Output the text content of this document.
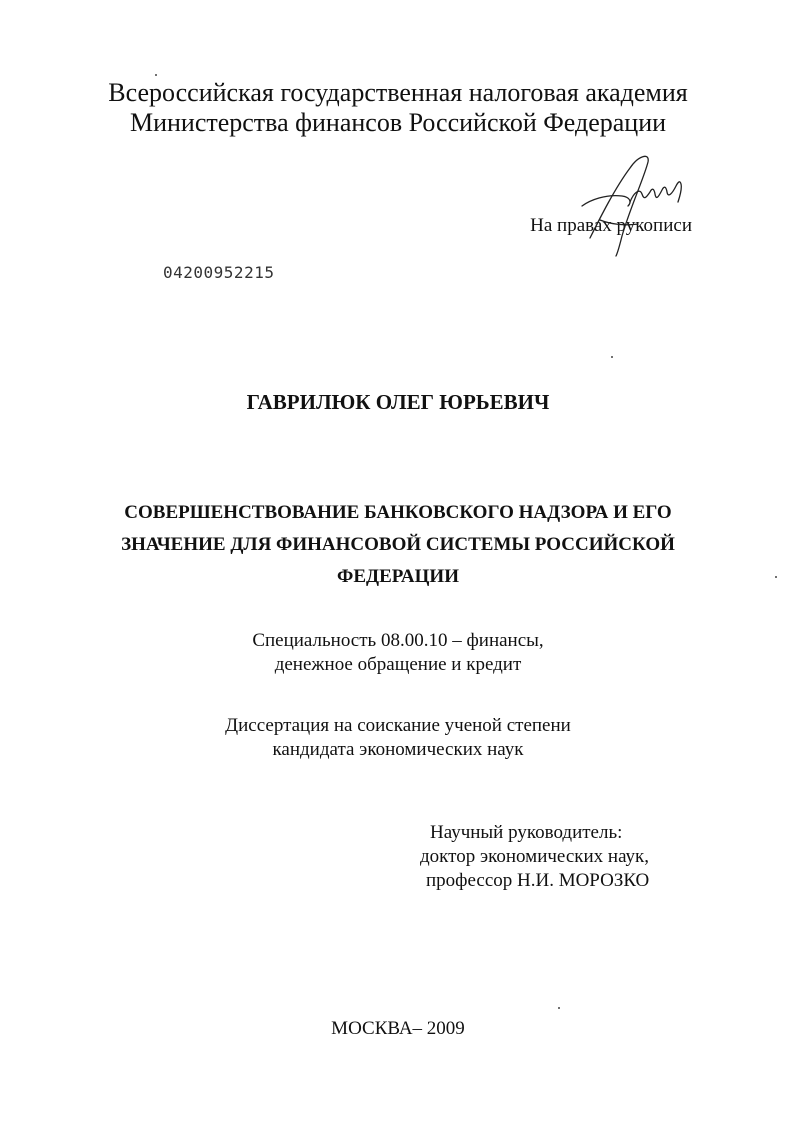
Всероссийская государственная налоговая академия
Министерства финансов Российской Федерации
На правах рукописи
04200952215
ГАВРИЛЮК ОЛЕГ ЮРЬЕВИЧ
СОВЕРШЕНСТВОВАНИЕ БАНКОВСКОГО НАДЗОРА И ЕГО
ЗНАЧЕНИЕ ДЛЯ ФИНАНСОВОЙ СИСТЕМЫ РОССИЙСКОЙ
ФЕДЕРАЦИИ
Специальность 08.00.10 – финансы,
денежное обращение и кредит
Диссертация на соискание ученой степени
кандидата экономических наук
Научный руководитель:
доктор экономических наук,
профессор Н.И. МОРОЗКО
МОСКВА– 2009
